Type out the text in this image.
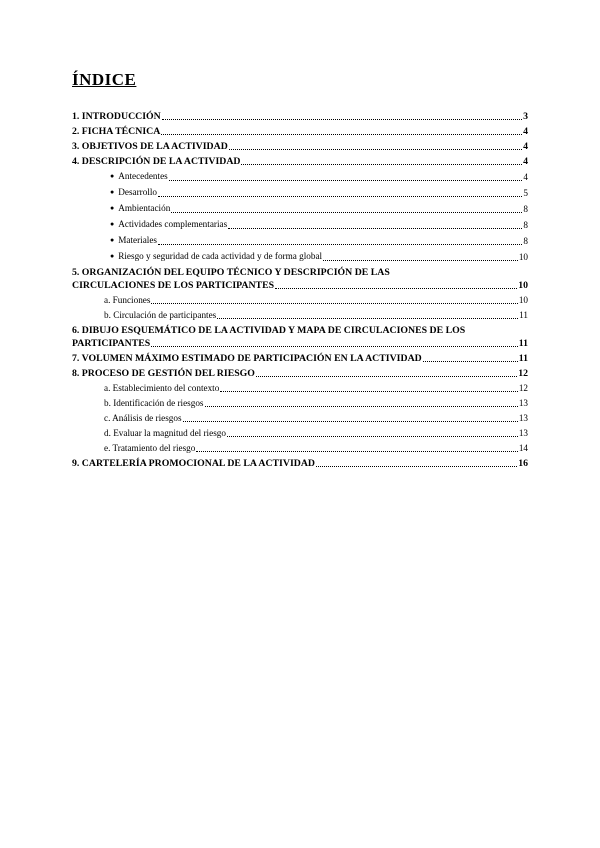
ÍNDICE
1. INTRODUCCIÓN	3
2. FICHA TÉCNICA	4
3. OBJETIVOS DE LA ACTIVIDAD	4
4. DESCRIPCIÓN DE LA ACTIVIDAD	4
● Antecedentes	4
● Desarrollo	5
● Ambientación	8
● Actividades complementarias	8
● Materiales	8
● Riesgo y seguridad de cada actividad y de forma global	10
5. ORGANIZACIÓN DEL EQUIPO TÉCNICO Y DESCRIPCIÓN DE LAS
CIRCULACIONES DE LOS PARTICIPANTES	10
a. Funciones	10
b. Circulación de participantes	11
6. DIBUJO ESQUEMÁTICO DE LA ACTIVIDAD Y MAPA DE CIRCULACIONES DE LOS
PARTICIPANTES	11
7. VOLUMEN MÁXIMO ESTIMADO DE PARTICIPACIÓN EN LA ACTIVIDAD	11
8. PROCESO DE GESTIÓN DEL RIESGO	12
a. Establecimiento del contexto	12
b. Identificación de riesgos	13
c. Análisis de riesgos	13
d. Evaluar la magnitud del riesgo	13
e. Tratamiento del riesgo	14
9. CARTELERÍA PROMOCIONAL DE LA ACTIVIDAD	16
